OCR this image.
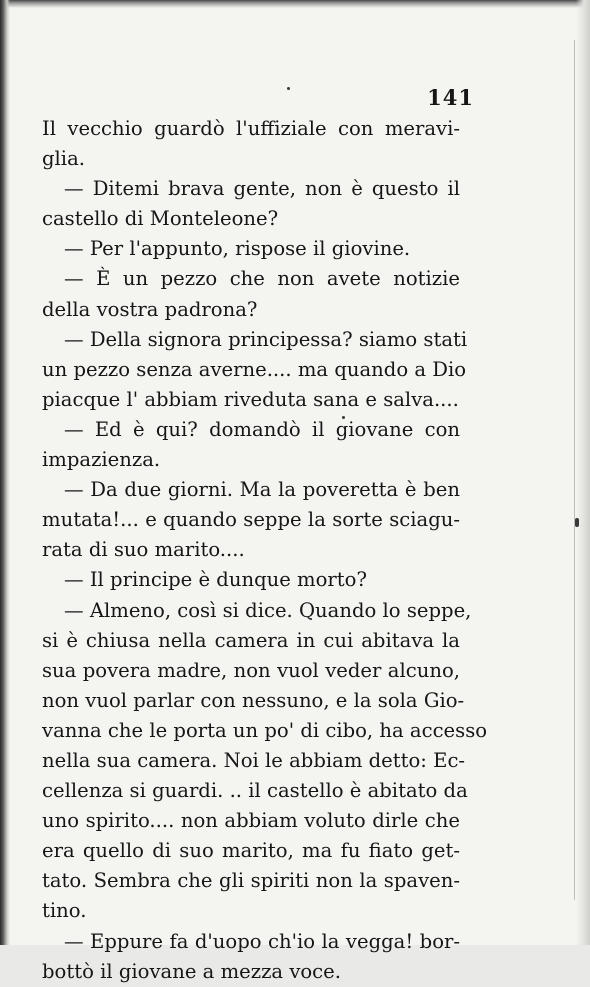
141

Il vecchio guardò l'uffiziale con meravi-
glia.

— Ditemi brava gente, non è questo il
castello di Monteleone?

— Per l'appunto, rispose il giovine.

— È un pezzo che non avete notizie
della vostra padrona?

— Della signora principessa? siamo stati
un pezzo senza averne.... ma quando a Dio
piacque l' abbiam riveduta sana e salva....

— Ed è qui? domandò il giovane con
impazienza.

— Da due giorni. Ma la poveretta è ben
mutata!... e quando seppe la sorte sciagu-
rata di suo marito....

— Il principe è dunque morto?

— Almeno, così si dice. Quando lo seppe,
si è chiusa nella camera in cui abitava la
sua povera madre, non vuol veder alcuno,
non vuol parlar con nessuno, e la sola Gio-
vanna che le porta un po' di cibo, ha accesso
nella sua camera. Noi le abbiam detto: Ec-
cellenza si guardi. .. il castello è abitato da
uno spirito.... non abbiam voluto dirle che
era quello di suo marito, ma fu fiato get-
tato. Sembra che gli spiriti non la spaven-
tino.

— Eppure fa d'uopo ch'io la vegga! bor-
bottò il giovane a mezza voce.
